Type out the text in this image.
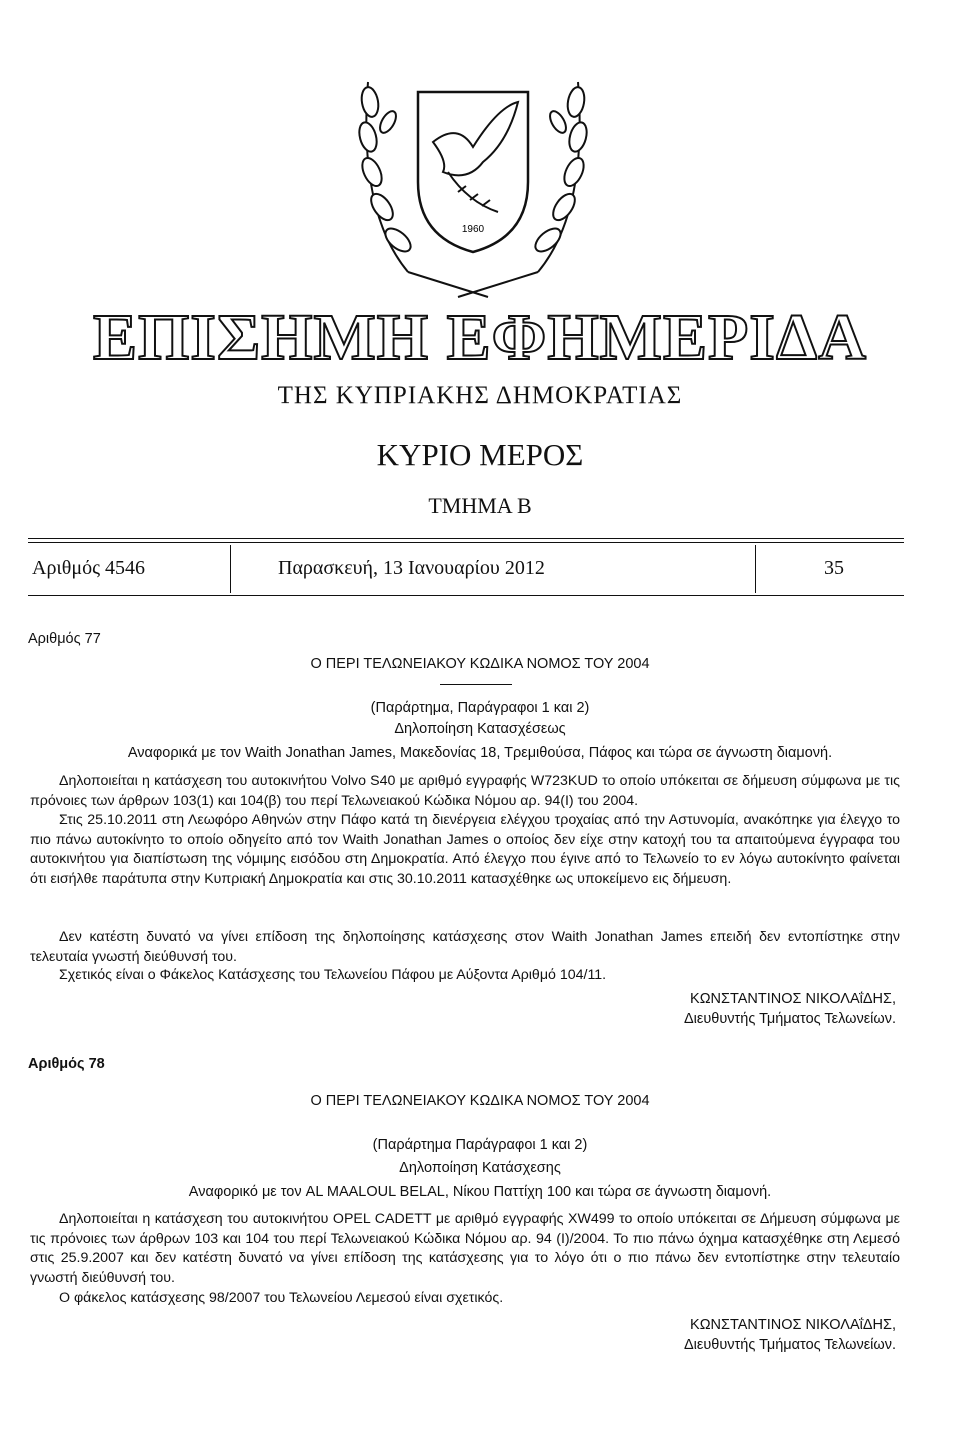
1960
ΕΠΙΣΗΜΗ ΕΦΗΜΕΡΙΔΑ
ΤΗΣ ΚΥΠΡΙΑΚΗΣ ΔΗΜΟΚΡΑΤΙΑΣ
ΚΥΡΙΟ ΜΕΡΟΣ
ΤΜΗΜΑ Β
Αριθμός 4546	Παρασκευή, 13 Ιανουαρίου 2012	35
Αριθμός 77
Ο ΠΕΡΙ ΤΕΛΩΝΕΙΑΚΟΥ ΚΩΔΙΚΑ ΝΟΜΟΣ ΤΟΥ 2004
(Παράρτημα, Παράγραφοι 1 και 2)
Δηλοποίηση Κατασχέσεως
Αναφορικά με τον Waith Jonathan James, Μακεδονίας 18, Τρεμιθούσα, Πάφος και τώρα σε άγνωστη διαμονή.

Δηλοποιείται η κατάσχεση του αυτοκινήτου Volvo S40 με αριθμό εγγραφής W723KUD το οποίο υπόκειται σε δήμευση σύμφωνα με τις πρόνοιες των άρθρων 103(1) και 104(β) του περί Τελωνειακού Κώδικα Νόμου αρ. 94(Ι) του 2004.

Στις 25.10.2011 στη Λεωφόρο Αθηνών στην Πάφο κατά τη διενέργεια ελέγχου τροχαίας από την Αστυνομία, ανακόπηκε για έλεγχο το πιο πάνω αυτοκίνητο το οποίο οδηγείτο από τον Waith Jonathan James ο οποίος δεν είχε στην κατοχή του τα απαιτούμενα έγγραφα του αυτοκινήτου για διαπίστωση της νόμιμης εισόδου στη Δημοκρατία. Από έλεγχο που έγινε από το Τελωνείο το εν λόγω αυτοκίνητο φαίνεται ότι εισήλθε παράτυπα στην Κυπριακή Δημοκρατία και στις 30.10.2011 κατασχέθηκε ως υποκείμενο εις δήμευση.

Δεν κατέστη δυνατό να γίνει επίδοση της δηλοποίησης κατάσχεσης στον Waith Jonathan James επειδή δεν εντοπίστηκε στην τελευταία γνωστή διεύθυνσή του.

Σχετικός είναι ο Φάκελος Κατάσχεσης του Τελωνείου Πάφου με Αύξοντα Αριθμό 104/11.

ΚΩΝΣΤΑΝΤΙΝΟΣ ΝΙΚΟΛΑΐΔΗΣ,
Διευθυντής Τμήματος Τελωνείων.
Αριθμός 78
Ο ΠΕΡΙ ΤΕΛΩΝΕΙΑΚΟΥ ΚΩΔΙΚΑ ΝΟΜΟΣ ΤΟΥ 2004
(Παράρτημα Παράγραφοι 1 και 2)
Δηλοποίηση Κατάσχεσης
Αναφορικό με τον AL MAALOUL BELAL, Νίκου Παττίχη 100 και τώρα σε άγνωστη διαμονή.

Δηλοποιείται η κατάσχεση του αυτοκινήτου OPEL CADETT με αριθμό εγγραφής XW499 το οποίο υπόκειται σε Δήμευση σύμφωνα με τις πρόνοιες των άρθρων 103 και 104 του περί Τελωνειακού Κώδικα Νόμου αρ. 94 (Ι)/2004. Το πιο πάνω όχημα κατασχέθηκε στη Λεμεσό στις 25.9.2007 και δεν κατέστη δυνατό να γίνει επίδοση της κατάσχεσης για το λόγο ότι ο πιο πάνω δεν εντοπίστηκε στην τελευταίο γνωστή διεύθυνσή του.

Ο φάκελος κατάσχεσης 98/2007 του Τελωνείου Λεμεσού είναι σχετικός.

ΚΩΝΣΤΑΝΤΙΝΟΣ ΝΙΚΟΛΑΐΔΗΣ,
Διευθυντής Τμήματος Τελωνείων.
